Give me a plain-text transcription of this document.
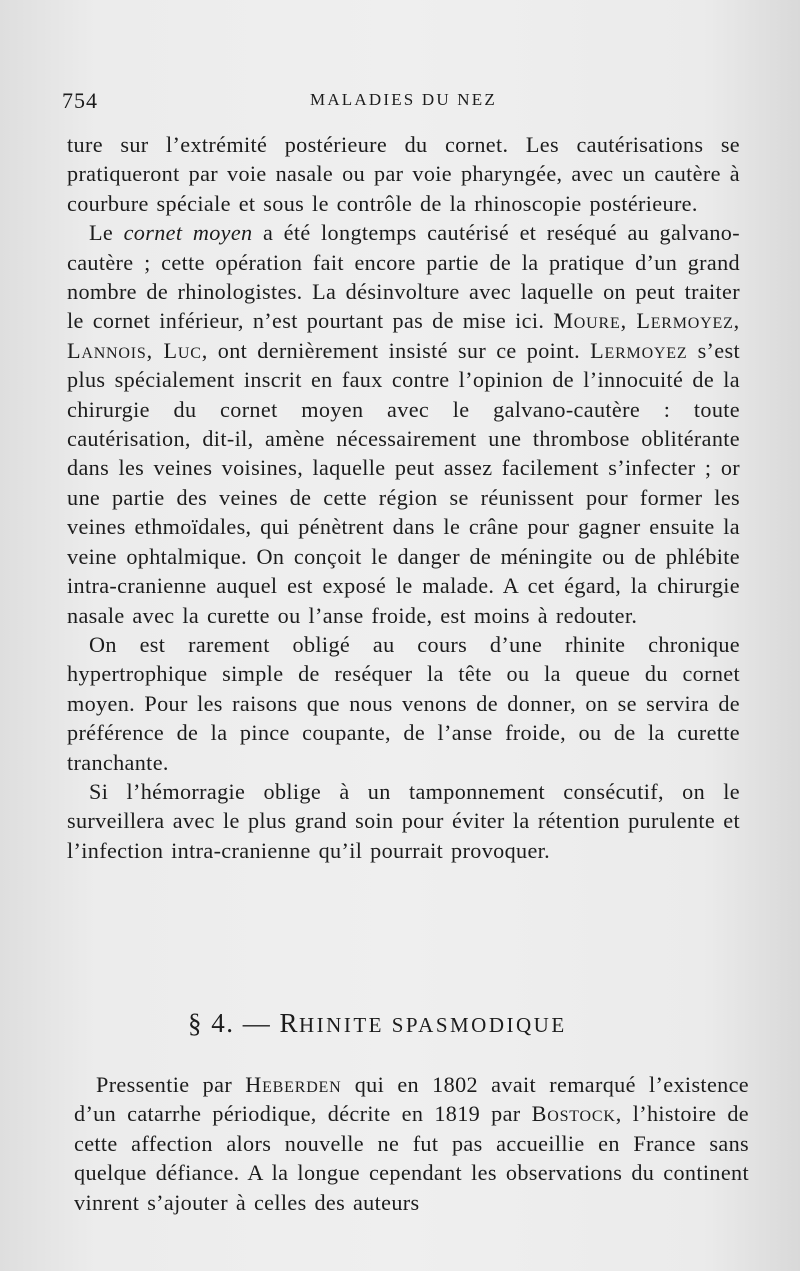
754	MALADIES DU NEZ

ture sur l’extrémité postérieure du cornet. Les cautérisations se pratiqueront par voie nasale ou par voie pharyngée, avec un cautère à courbure spéciale et sous le contrôle de la rhinoscopie postérieure.

Le cornet moyen a été longtemps cautérisé et reséqué au galvano-cautère ; cette opération fait encore partie de la pratique d’un grand nombre de rhinologistes. La désinvolture avec laquelle on peut traiter le cornet inférieur, n’est pourtant pas de mise ici. Moure, Lermoyez, Lannois, Luc, ont dernièrement insisté sur ce point. Lermoyez s’est plus spécialement inscrit en faux contre l’opinion de l’innocuité de la chirurgie du cornet moyen avec le galvano-cautère : toute cautérisation, dit-il, amène nécessairement une thrombose oblitérante dans les veines voisines, laquelle peut assez facilement s’infecter ; or une partie des veines de cette région se réunissent pour former les veines ethmoïdales, qui pénètrent dans le crâne pour gagner ensuite la veine ophtalmique. On conçoit le danger de méningite ou de phlébite intra-cranienne auquel est exposé le malade. A cet égard, la chirurgie nasale avec la curette ou l’anse froide, est moins à redouter.

On est rarement obligé au cours d’une rhinite chronique hypertrophique simple de reséquer la tête ou la queue du cornet moyen. Pour les raisons que nous venons de donner, on se servira de préférence de la pince coupante, de l’anse froide, ou de la curette tranchante.

Si l’hémorragie oblige à un tamponnement consécutif, on le surveillera avec le plus grand soin pour éviter la rétention purulente et l’infection intra-cranienne qu’il pourrait provoquer.

§ 4. — RHINITE SPASMODIQUE

Pressentie par Heberden qui en 1802 avait remarqué l’existence d’un catarrhe périodique, décrite en 1819 par Bostock, l’histoire de cette affection alors nouvelle ne fut pas accueillie en France sans quelque défiance. A la longue cependant les observations du continent vinrent s’ajouter à celles des auteurs
